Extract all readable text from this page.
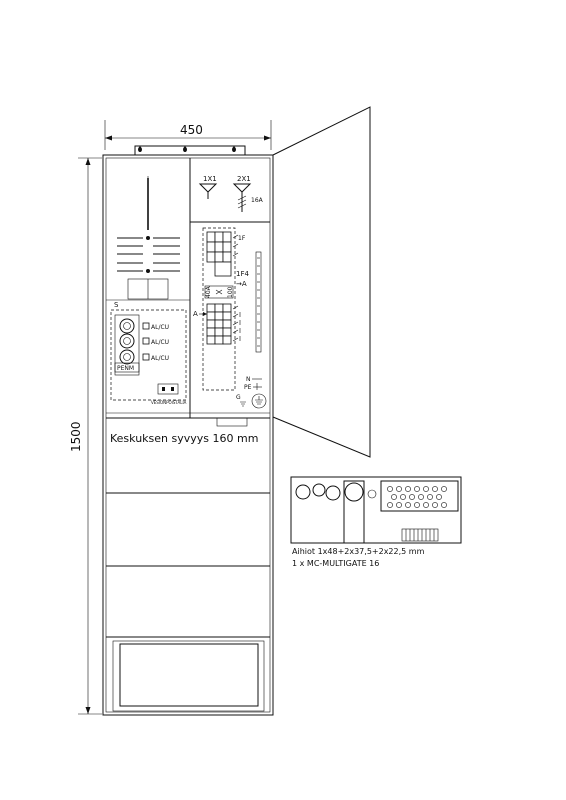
450
1500
1X1	2X1
16A
1F
1F4
→A
40A	100
A
N
PE
G
S
AL/CU
AL/CU
AL/CU
PENM
VESIONPOISTALIA
Keskuksen syvyys 160 mm
Aihiot 1x48+2x37,5+2x22,5 mm
1 x MC-MULTIGATE 16
